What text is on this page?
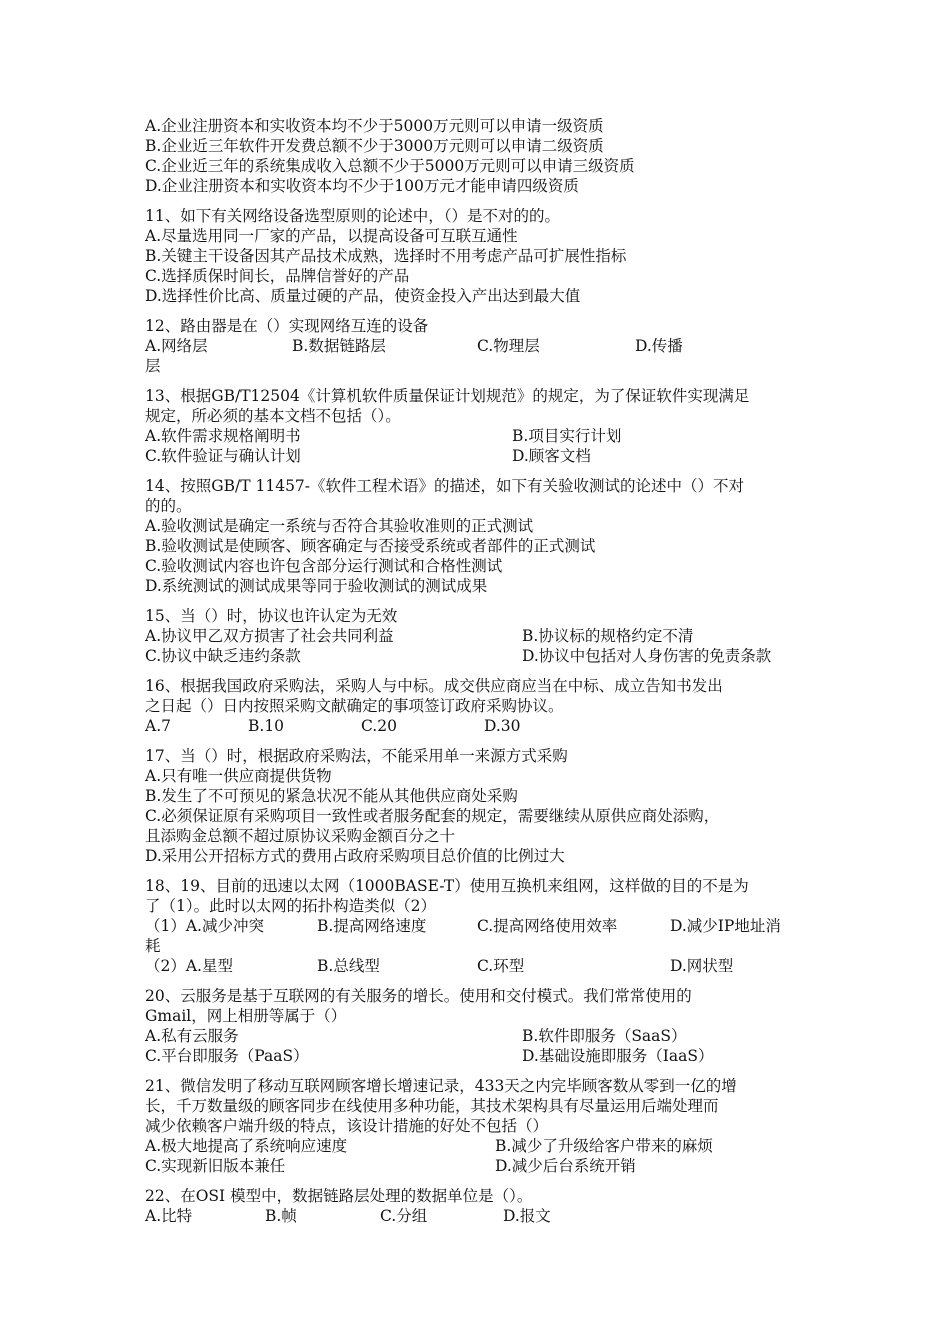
A.企业注册资本和实收资本均不少于5000万元则可以申请一级资质
B.企业近三年软件开发费总额不少于3000万元则可以申请二级资质
C.企业近三年的系统集成收入总额不少于5000万元则可以申请三级资质
D.企业注册资本和实收资本均不少于100万元才能申请四级资质
11、如下有关网络设备选型原则的论述中，（）是不对的的。
A.尽量选用同一厂家的产品，以提高设备可互联互通性
B.关键主干设备因其产品技术成熟，选择时不用考虑产品可扩展性指标
C.选择质保时间长，品牌信誉好的产品
D.选择性价比高、质量过硬的产品，使资金投入产出达到最大值
12、路由器是在（）实现网络互连的设备
A.网络层	B.数据链路层	C.物理层	D.传播
层
13、根据GB/T12504《计算机软件质量保证计划规范》的规定，为了保证软件实现满足
规定，所必须的基本文档不包括（）。
A.软件需求规格阐明书	B.项目实行计划
C.软件验证与确认计划	D.顾客文档
14、按照GB/T 11457-《软件工程术语》的描述，如下有关验收测试的论述中（）不对
的的。
A.验收测试是确定一系统与否符合其验收准则的正式测试
B.验收测试是使顾客、顾客确定与否接受系统或者部件的正式测试
C.验收测试内容也许包含部分运行测试和合格性测试
D.系统测试的测试成果等同于验收测试的测试成果
15、当（）时，协议也许认定为无效
A.协议甲乙双方损害了社会共同利益	B.协议标的规格约定不清
C.协议中缺乏违约条款	D.协议中包括对人身伤害的免责条款
16、根据我国政府采购法，采购人与中标。成交供应商应当在中标、成立告知书发出
之日起（）日内按照采购文献确定的事项签订政府采购协议。
A.7	B.10	C.20	D.30
17、当（）时，根据政府采购法，不能采用单一来源方式采购
A.只有唯一供应商提供货物
B.发生了不可预见的紧急状况不能从其他供应商处采购
C.必须保证原有采购项目一致性或者服务配套的规定，需要继续从原供应商处添购，
且添购金总额不超过原协议采购金额百分之十
D.采用公开招标方式的费用占政府采购项目总价值的比例过大
18、19、目前的迅速以太网（1000BASE-T）使用互换机来组网，这样做的目的不是为
了（1）。此时以太网的拓扑构造类似（2）
（1）A.减少冲突	B.提高网络速度	C.提高网络使用效率	D.减少IP地址消
耗
（2）A.星型	B.总线型	C.环型	D.网状型
20、云服务是基于互联网的有关服务的增长。使用和交付模式。我们常常使用的
Gmail，网上相册等属于（）
A.私有云服务	B.软件即服务（SaaS）
C.平台即服务（PaaS）	D.基础设施即服务（IaaS）
21、微信发明了移动互联网顾客增长增速记录，433天之内完毕顾客数从零到一亿的增
长，千万数量级的顾客同步在线使用多种功能，其技术架构具有尽量运用后端处理而
减少依赖客户端升级的特点，该设计措施的好处不包括（）
A.极大地提高了系统响应速度	B.减少了升级给客户带来的麻烦
C.实现新旧版本兼任	D.减少后台系统开销
22、在OSI 模型中，数据链路层处理的数据单位是（）。
A.比特	B.帧	C.分组	D.报文
